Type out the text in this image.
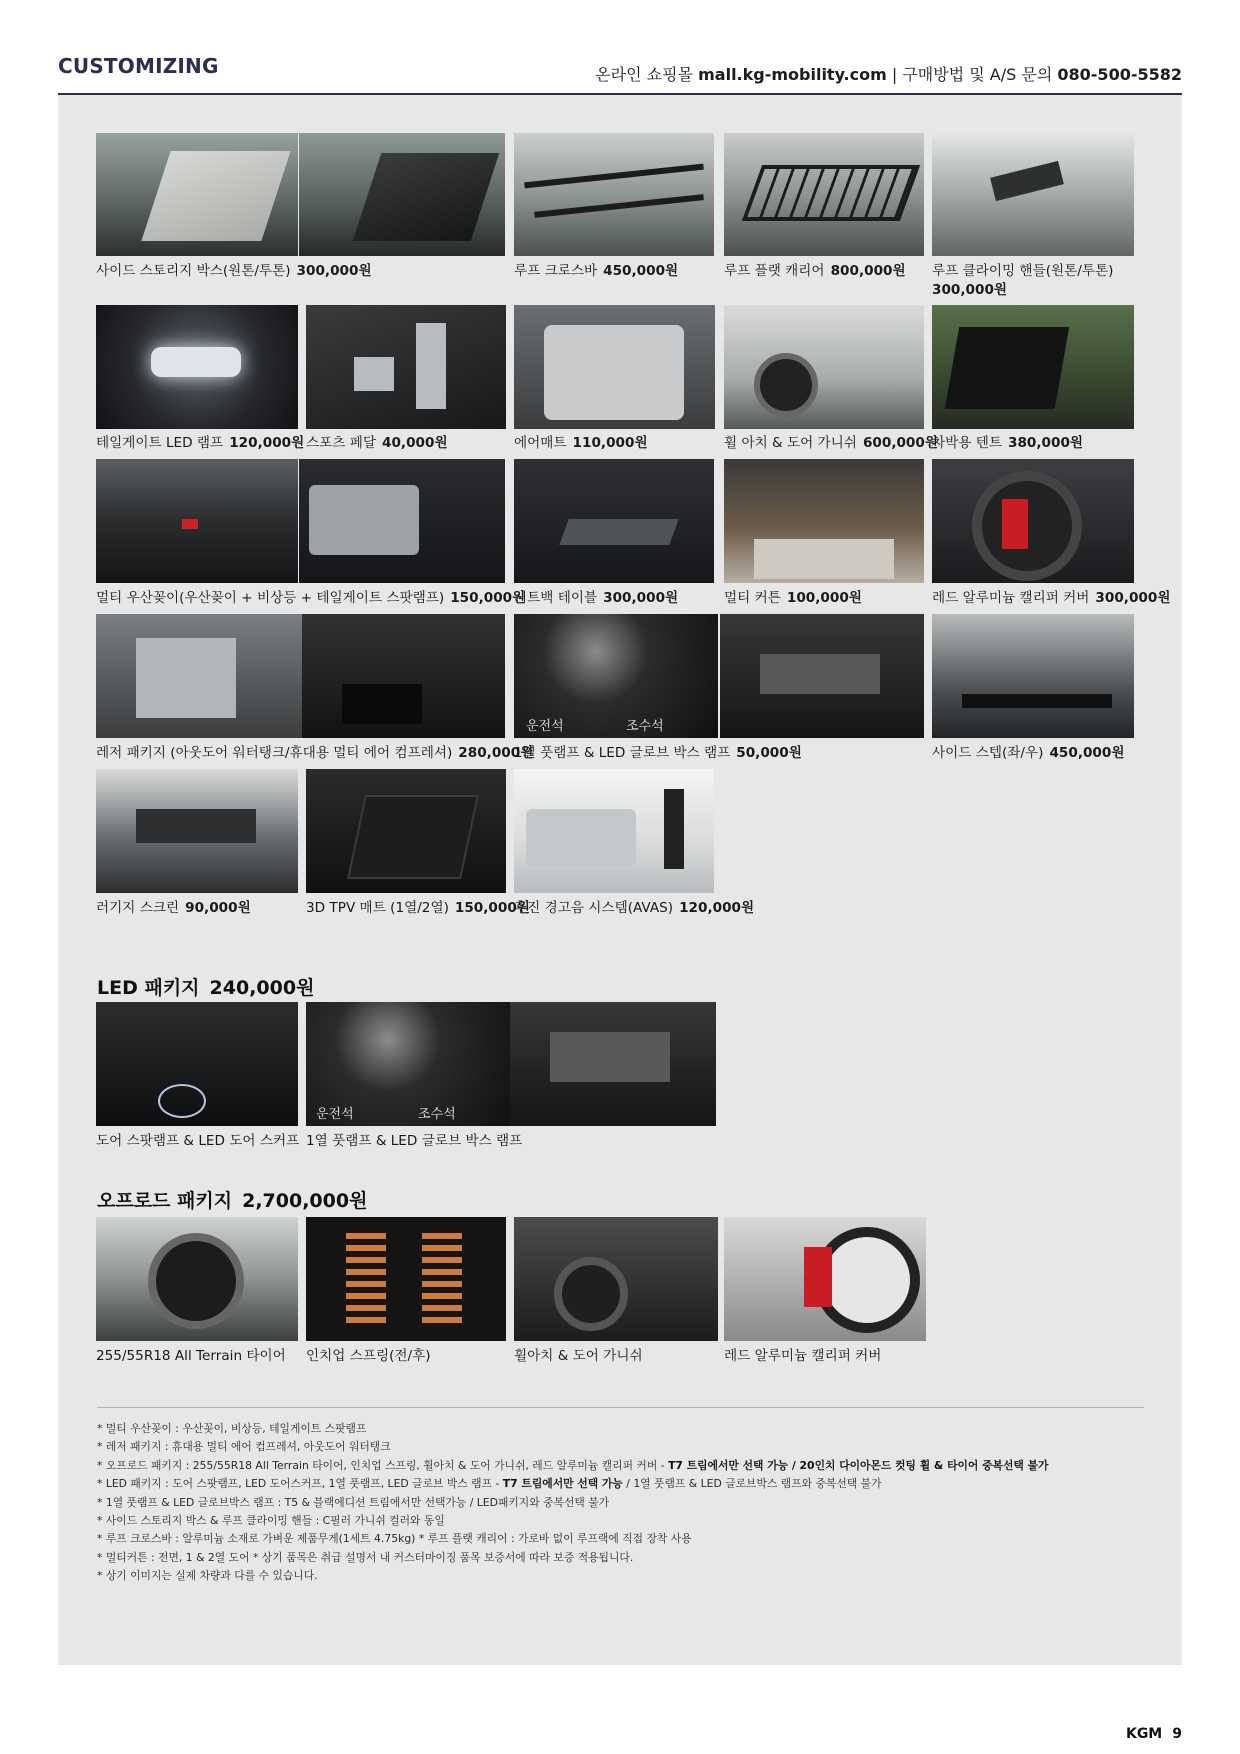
CUSTOMIZING	온라인 쇼핑몰 mall.kg-mobility.com | 구매방법 및 A/S 문의 080-500-5582
사이드 스토리지 박스(원톤/투톤) 300,000원	루프 크로스바 450,000원	루프 플랫 캐리어 800,000원 루프 클라이밍 핸들(원톤/투톤)
300,000원
테일게이트 LED 램프 120,000원 스포츠 페달 40,000원	에어매트 110,000원	휠 아치 & 도어 가니쉬 600,000원
차박용 텐트 380,000원
멀티 우산꽂이(우산꽂이 + 비상등 + 테일게이트 스팟램프) 150,000원
시트백 테이블 300,000원	멀티 커튼 100,000원	레드 알루미늄 캘리퍼 커버 300,000원
운전석	조수석
레저 패키지 (아웃도어 워터탱크/휴대용 멀티 에어 컴프레셔) 280,000원
1열 풋램프 & LED 글로브 박스 램프 50,000원	사이드 스텝(좌/우) 450,000원
러기지 스크린 90,000원	3D TPV 매트 (1열/2열) 150,000원
후진 경고음 시스템(AVAS) 120,000원
LED 패키지 240,000원
운전석	조수석
도어 스팟램프 & LED 도어 스커프 1열 풋램프 & LED 글로브 박스 램프
오프로드 패키지 2,700,000원
255/55R18 All Terrain 타이어 인치업 스프링(전/후)	휠아치 & 도어 가니쉬	레드 알루미늄 캘리퍼 커버
* 멀티 우산꽂이 : 우산꽂이, 비상등, 테일게이트 스팟램프
* 레저 패키지 : 휴대용 멀티 에어 컴프레셔, 아웃도어 워터탱크
* 오프로드 패키지 : 255/55R18 All Terrain 타이어, 인치업 스프링, 휠아치 & 도어 가니쉬, 레드 알루미늄 캘리퍼 커버 - T7 트림에서만 선택 가능 / 20인치 다이아몬드 컷팅 휠 & 타이어 중복선택 불가
* LED 패키지 : 도어 스팟램프, LED 도어스커프, 1열 풋램프, LED 글로브 박스 램프 - T7 트림에서만 선택 가능 / 1열 풋램프 & LED 글로브박스 램프와 중복선택 불가
* 1열 풋램프 & LED 글로브박스 램프 : T5 & 블랙에디션 트림에서만 선택가능 / LED패키지와 중복선택 불가
* 사이드 스토리지 박스 & 루프 클라이밍 핸들 : C필러 가니쉬 컬러와 동일
* 루프 크로스바 : 알루미늄 소재로 가벼운 제품무게(1세트 4.75kg) * 루프 플랫 캐리어 : 가로바 없이 루프랙에 직접 장착 사용
* 멀티커튼 : 전면, 1 & 2열 도어 * 상기 품목은 취급 설명서 내 커스터마이징 품목 보증서에 따라 보증 적용됩니다.
* 상기 이미지는 실제 차량과 다를 수 있습니다.
KGM 9
